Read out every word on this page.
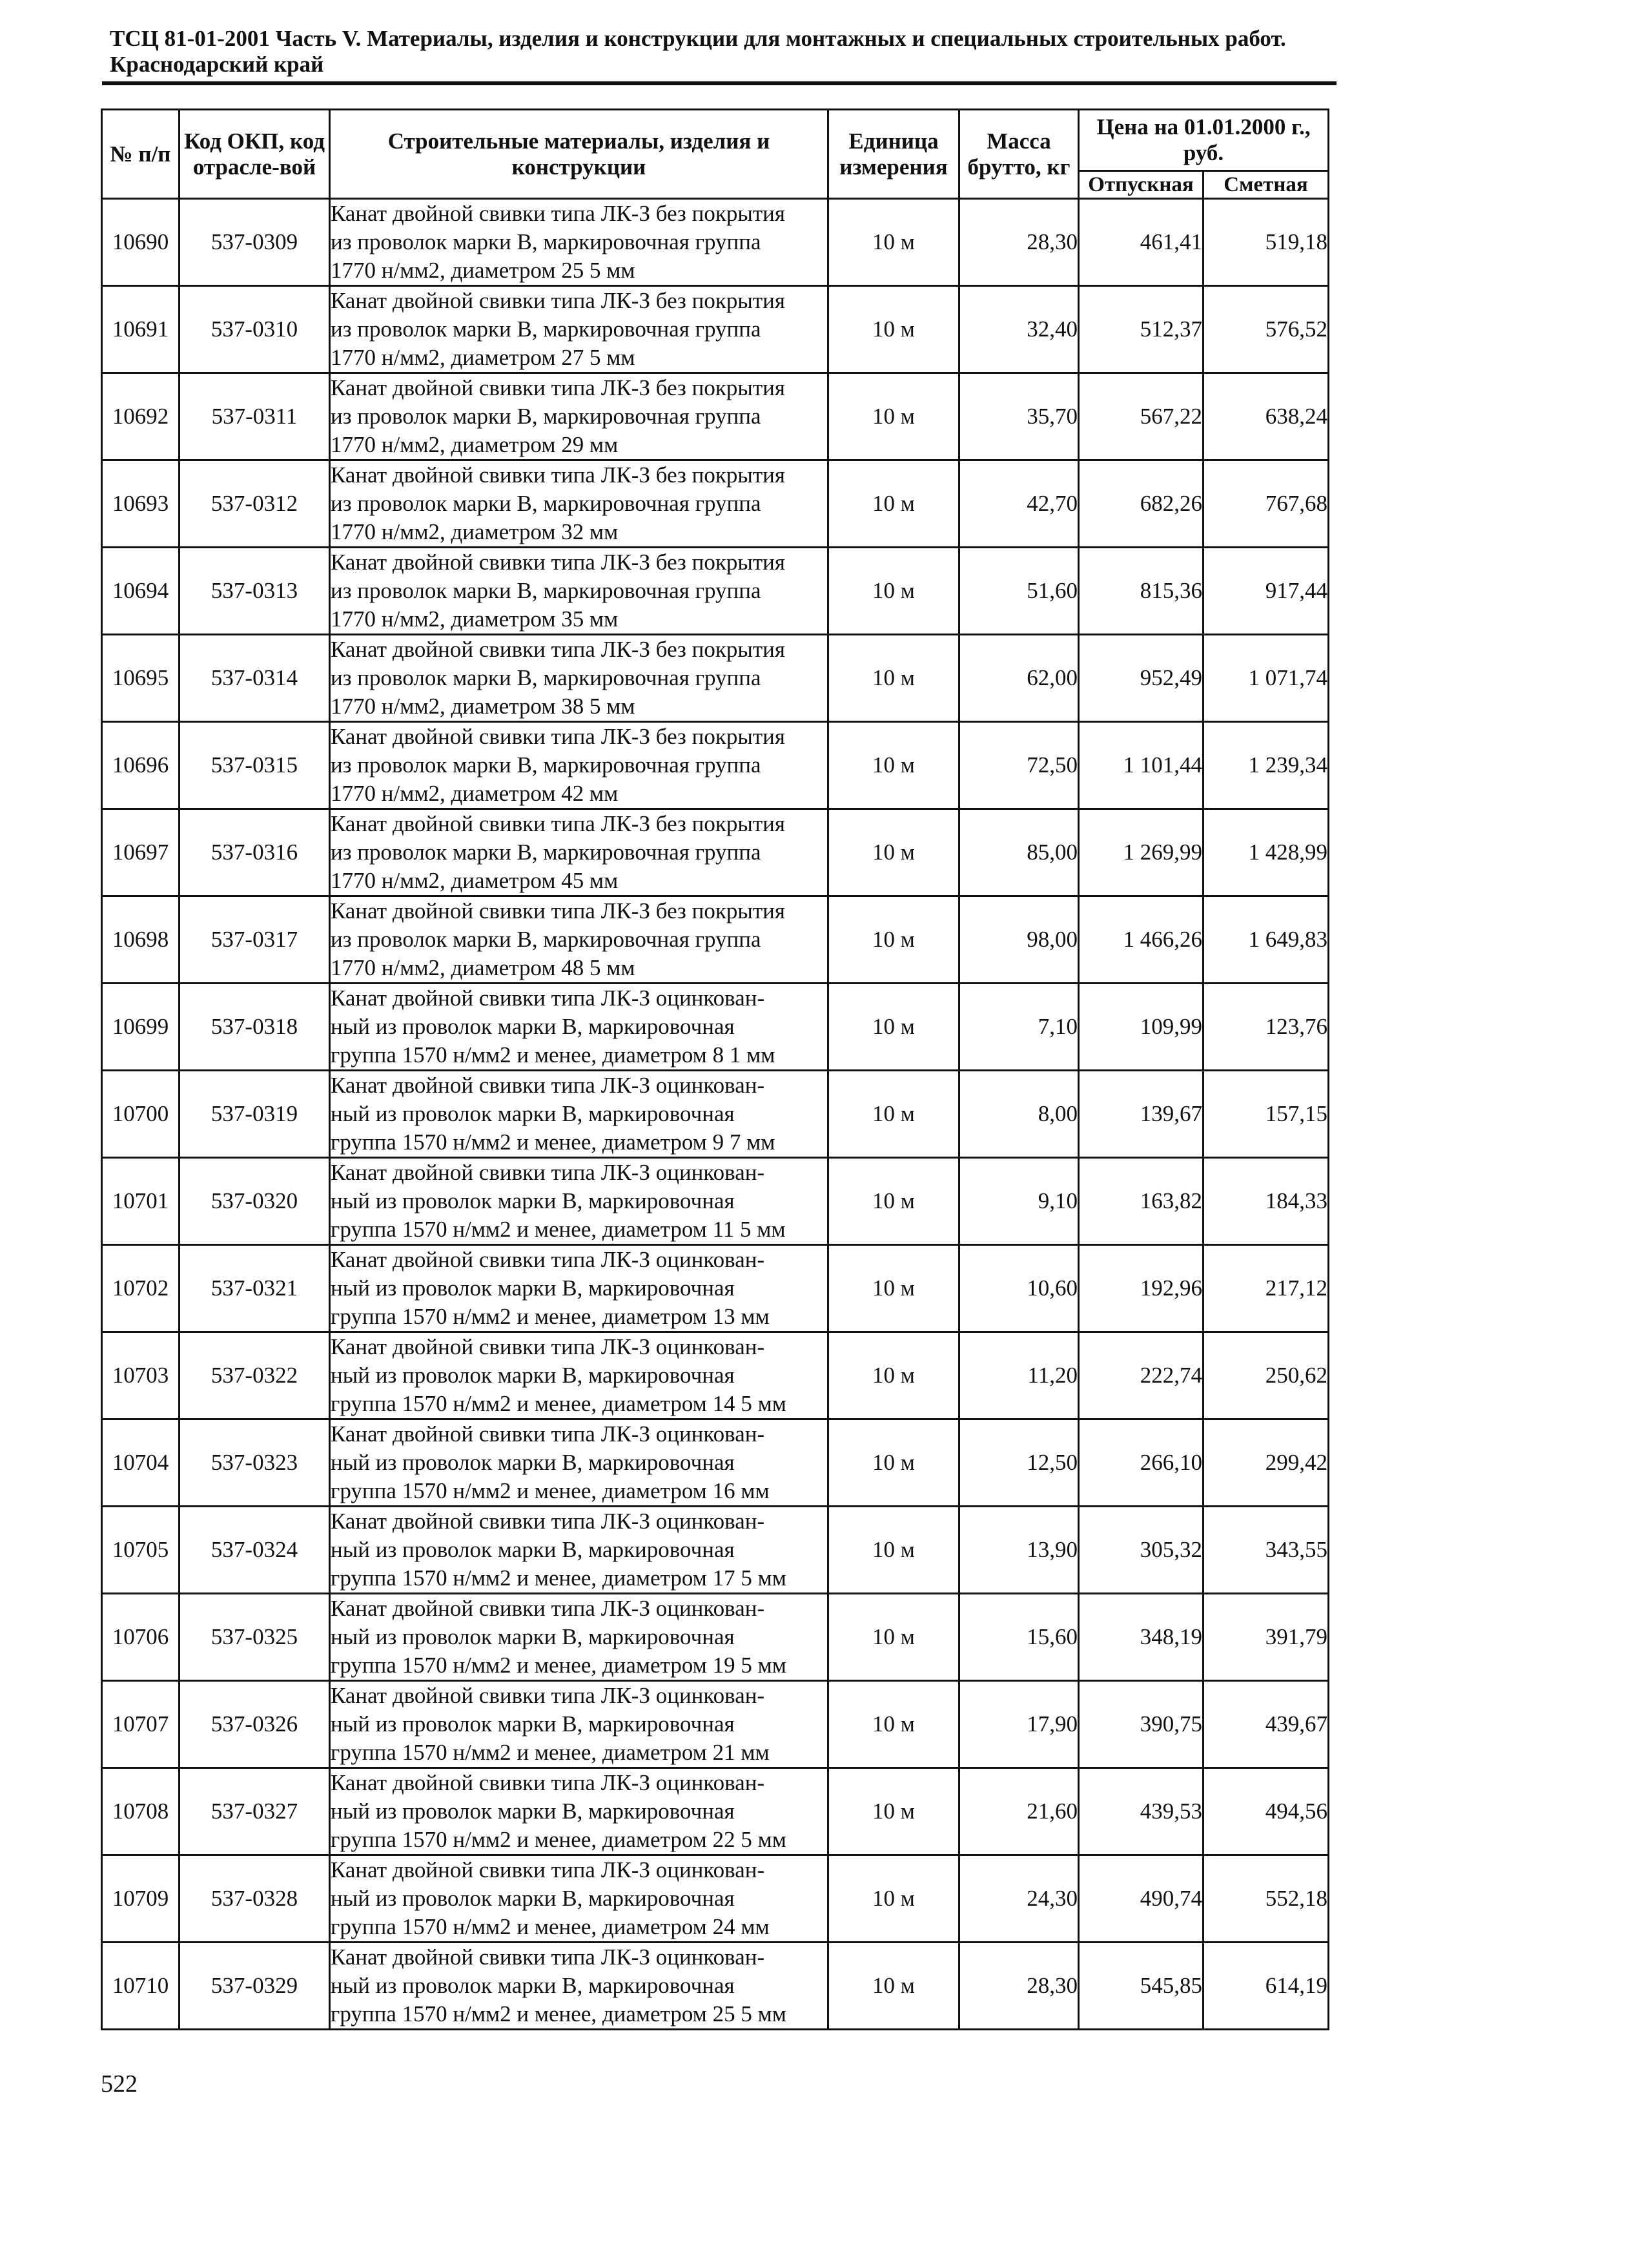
ТСЦ 81-01-2001 Часть V. Материалы, изделия и конструкции для монтажных и специальных строительных работ.
Краснодарский край
№ п/п	Код ОКП, код отрасле-вой	Строительные материалы, изделия и конструкции	Единица измерения	Масса брутто, кг	Цена на 01.01.2000 г., руб.	
					Отпускная	Сметная
10690	537-0309	Канат двойной свивки типа ЛК-З без покрытия
из проволок марки В, маркировочная группа
1770 н/мм2, диаметром 25 5 мм	10 м	28,30	461,41	519,18
10691	537-0310	Канат двойной свивки типа ЛК-З без покрытия
из проволок марки В, маркировочная группа
1770 н/мм2, диаметром 27 5 мм	10 м	32,40	512,37	576,52
10692	537-0311	Канат двойной свивки типа ЛК-З без покрытия
из проволок марки В, маркировочная группа
1770 н/мм2, диаметром 29 мм	10 м	35,70	567,22	638,24
10693	537-0312	Канат двойной свивки типа ЛК-З без покрытия
из проволок марки В, маркировочная группа
1770 н/мм2, диаметром 32 мм	10 м	42,70	682,26	767,68
10694	537-0313	Канат двойной свивки типа ЛК-З без покрытия
из проволок марки В, маркировочная группа
1770 н/мм2, диаметром 35 мм	10 м	51,60	815,36	917,44
10695	537-0314	Канат двойной свивки типа ЛК-З без покрытия
из проволок марки В, маркировочная группа
1770 н/мм2, диаметром 38 5 мм	10 м	62,00	952,49	1 071,74
10696	537-0315	Канат двойной свивки типа ЛК-З без покрытия
из проволок марки В, маркировочная группа
1770 н/мм2, диаметром 42 мм	10 м	72,50	1 101,44	1 239,34
10697	537-0316	Канат двойной свивки типа ЛК-З без покрытия
из проволок марки В, маркировочная группа
1770 н/мм2, диаметром 45 мм	10 м	85,00	1 269,99	1 428,99
10698	537-0317	Канат двойной свивки типа ЛК-З без покрытия
из проволок марки В, маркировочная группа
1770 н/мм2, диаметром 48 5 мм	10 м	98,00	1 466,26	1 649,83
10699	537-0318	Канат двойной свивки типа ЛК-З оцинкован-
ный из проволок марки В, маркировочная
группа 1570 н/мм2 и менее, диаметром 8 1 мм	10 м	7,10	109,99	123,76
10700	537-0319	Канат двойной свивки типа ЛК-З оцинкован-
ный из проволок марки В, маркировочная
группа 1570 н/мм2 и менее, диаметром 9 7 мм	10 м	8,00	139,67	157,15
10701	537-0320	Канат двойной свивки типа ЛК-З оцинкован-
ный из проволок марки В, маркировочная
группа 1570 н/мм2 и менее, диаметром 11 5 мм	10 м	9,10	163,82	184,33
10702	537-0321	Канат двойной свивки типа ЛК-З оцинкован-
ный из проволок марки В, маркировочная
группа 1570 н/мм2 и менее, диаметром 13 мм	10 м	10,60	192,96	217,12
10703	537-0322	Канат двойной свивки типа ЛК-З оцинкован-
ный из проволок марки В, маркировочная
группа 1570 н/мм2 и менее, диаметром 14 5 мм	10 м	11,20	222,74	250,62
10704	537-0323	Канат двойной свивки типа ЛК-З оцинкован-
ный из проволок марки В, маркировочная
группа 1570 н/мм2 и менее, диаметром 16 мм	10 м	12,50	266,10	299,42
10705	537-0324	Канат двойной свивки типа ЛК-З оцинкован-
ный из проволок марки В, маркировочная
группа 1570 н/мм2 и менее, диаметром 17 5 мм	10 м	13,90	305,32	343,55
10706	537-0325	Канат двойной свивки типа ЛК-З оцинкован-
ный из проволок марки В, маркировочная
группа 1570 н/мм2 и менее, диаметром 19 5 мм	10 м	15,60	348,19	391,79
10707	537-0326	Канат двойной свивки типа ЛК-З оцинкован-
ный из проволок марки В, маркировочная
группа 1570 н/мм2 и менее, диаметром 21 мм	10 м	17,90	390,75	439,67
10708	537-0327	Канат двойной свивки типа ЛК-З оцинкован-
ный из проволок марки В, маркировочная
группа 1570 н/мм2 и менее, диаметром 22 5 мм	10 м	21,60	439,53	494,56
10709	537-0328	Канат двойной свивки типа ЛК-З оцинкован-
ный из проволок марки В, маркировочная
группа 1570 н/мм2 и менее, диаметром 24 мм	10 м	24,30	490,74	552,18
10710	537-0329	Канат двойной свивки типа ЛК-З оцинкован-
ный из проволок марки В, маркировочная
группа 1570 н/мм2 и менее, диаметром 25 5 мм	10 м	28,30	545,85	614,19
522
